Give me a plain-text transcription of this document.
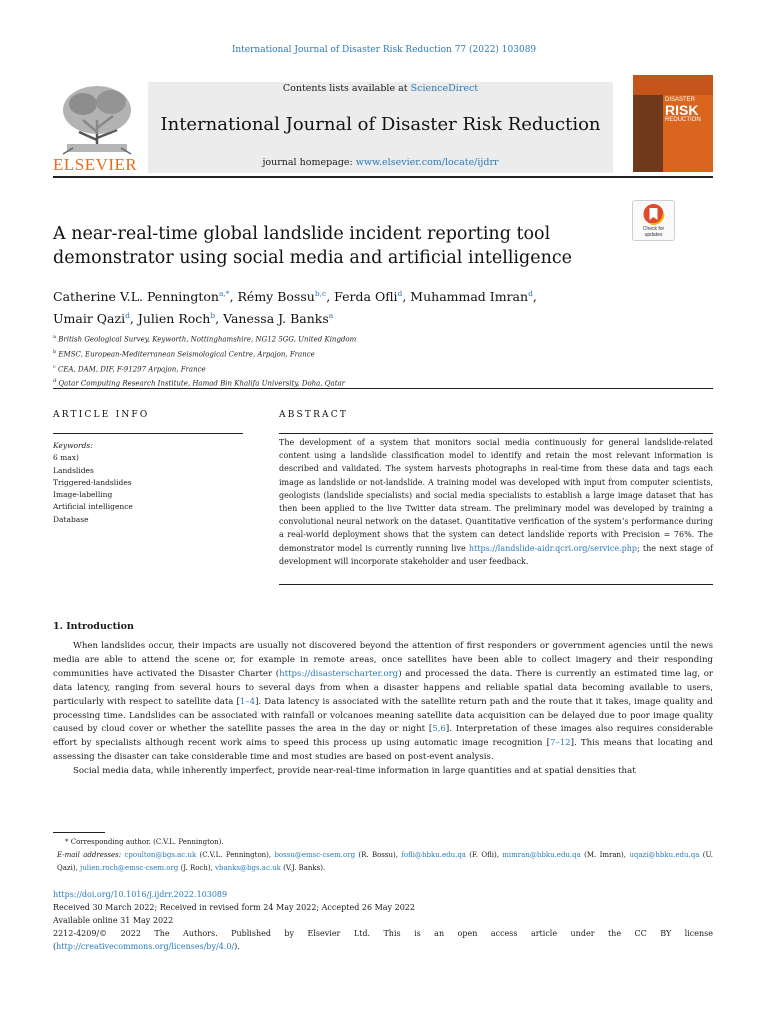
International Journal of Disaster Risk Reduction 77 (2022) 103089
ELSEVIER
Contents lists available at ScienceDirect
International Journal of Disaster Risk Reduction
journal homepage: www.elsevier.com/locate/ijdrr
DISASTER
RISK
REDUCTION
Check for
updates
A near-real-time global landslide incident reporting tool demonstrator using social media and artificial intelligence
Catherine V.L. Pennington$^{a,*}$, Rémy Bossu$^{b,c}$, Ferda Ofli$^d$, Muhammad Imran$^d$,
Umair Qazi$^d$, Julien Roch$^b$, Vanessa J. Banks$^a$
$^a$ British Geological Survey, Keyworth, Nottinghamshire, NG12 5GG, United Kingdom
$^b$ EMSC, European-Mediterranean Seismological Centre, Arpajon, France
$^c$ CEA, DAM, DIF, F-91297 Arpajon, France
$^d$ Qatar Computing Research Institute, Hamad Bin Khalifa University, Doha, Qatar
ARTICLE INFO
Keywords:
6 max)
Landslides
Triggered-landslides
Image-labelling
Artificial intelligence
Database
ABSTRACT
The development of a system that monitors social media continuously for general landslide-related content using a landslide classification model to identify and retain the most relevant information is described and validated. The system harvests photographs in real-time from these data and tags each image as landslide or not-landslide. A training model was developed with input from computer scientists, geologists (landslide specialists) and social media specialists to establish a large image dataset that has then been applied to the live Twitter data stream. The preliminary model was developed by training a convolutional neural network on the dataset. Quantitative verification of the system’s performance during a real-world deployment shows that the system can detect landslide reports with Precision = 76%. The demonstrator model is currently running live https://landslide-aidr.qcri.org/service.php; the next stage of development will incorporate stakeholder and user feedback.
1. Introduction

When landslides occur, their impacts are usually not discovered beyond the attention of first responders or government agencies until the news media are able to attend the scene or, for example in remote areas, once satellites have been able to collect imagery and their responding communities have activated the Disaster Charter (https://disasterscharter.org) and processed the data. There is currently an estimated time lag, or data latency, ranging from several hours to several days from when a disaster happens and reliable spatial data becoming available to users, particularly with respect to satellite data [1–4]. Data latency is associated with the satellite return path and the route that it takes, image quality and processing time. Landslides can be associated with rainfall or volcanoes meaning satellite data acquisition can be delayed due to poor image quality caused by cloud cover or whether the satellite passes the area in the day or night [5,6]. Interpretation of these images also requires considerable effort by specialists although recent work aims to speed this process up using automatic image recognition [7–12]. This means that locating and assessing the disaster can take considerable time and most studies are based on post-event analysis.

Social media data, while inherently imperfect, provide near-real-time information in large quantities and at spatial densities that

* Corresponding author. (C.V.L. Pennington).
E-mail addresses: cpoulton@bgs.ac.uk (C.V.L. Pennington), bossu@emsc-csem.org (R. Bossu), fofli@hbku.edu.qa (F. Ofli), mimran@hbku.edu.qa (M. Imran), uqazi@hbku.edu.qa (U. Qazi), julien.roch@emsc-csem.org (J. Roch), vbanks@bgs.ac.uk (V.J. Banks).
https://doi.org/10.1016/j.ijdrr.2022.103089
Received 30 March 2022; Received in revised form 24 May 2022; Accepted 26 May 2022
Available online 31 May 2022
2212-4209/© 2022 The Authors. Published by Elsevier Ltd. This is an open access article under the CC BY license
(http://creativecommons.org/licenses/by/4.0/).
